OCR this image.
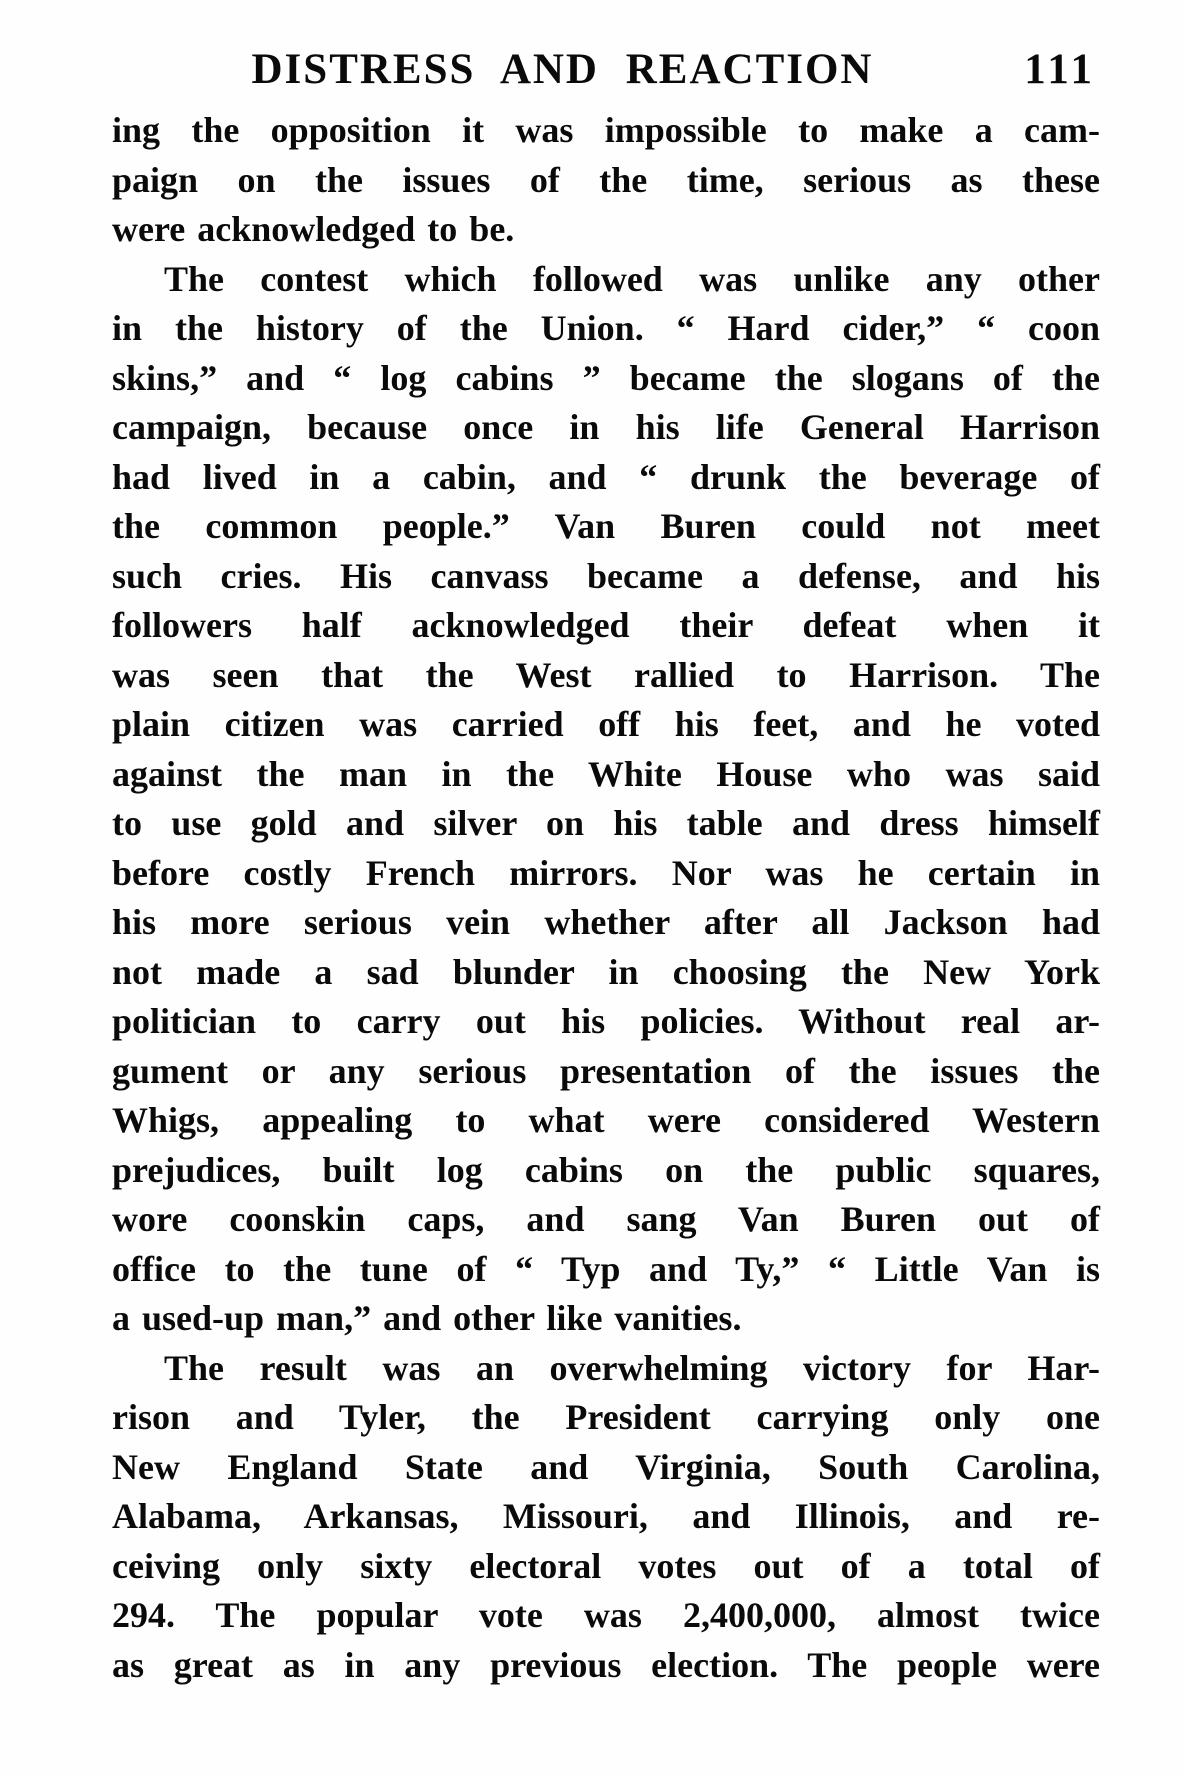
DISTRESS AND REACTION	111
ing the opposition it was impossible to make a cam-
paign on the issues of the time, serious as these
were acknowledged to be.
The contest which followed was unlike any other
in the history of the Union. “ Hard cider,” “ coon
skins,” and “ log cabins ” became the slogans of the
campaign, because once in his life General Harrison
had lived in a cabin, and “ drunk the beverage of
the common people.” Van Buren could not meet
such cries. His canvass became a defense, and his
followers half acknowledged their defeat when it
was seen that the West rallied to Harrison. The
plain citizen was carried off his feet, and he voted
against the man in the White House who was said
to use gold and silver on his table and dress himself
before costly French mirrors. Nor was he certain in
his more serious vein whether after all Jackson had
not made a sad blunder in choosing the New York
politician to carry out his policies. Without real ar-
gument or any serious presentation of the issues the
Whigs, appealing to what were considered Western
prejudices, built log cabins on the public squares,
wore coonskin caps, and sang Van Buren out of
office to the tune of “ Typ and Ty,” “ Little Van is
a used-up man,” and other like vanities.
The result was an overwhelming victory for Har-
rison and Tyler, the President carrying only one
New England State and Virginia, South Carolina,
Alabama, Arkansas, Missouri, and Illinois, and re-
ceiving only sixty electoral votes out of a total of
294. The popular vote was 2,400,000, almost twice
as great as in any previous election. The people were
